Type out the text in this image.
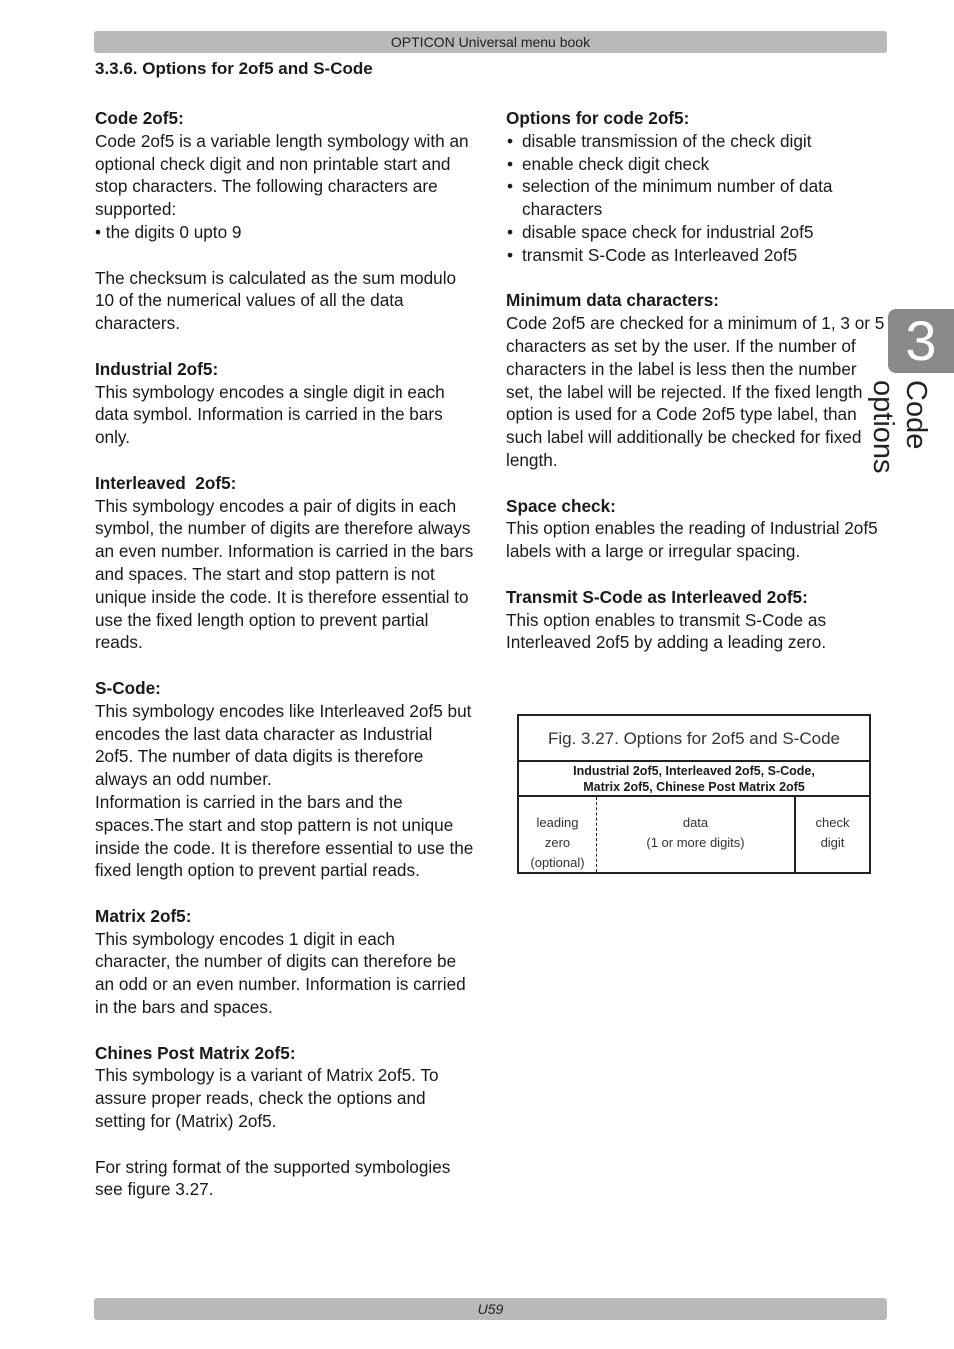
OPTICON Universal menu book
3.3.6. Options for 2of5 and S-Code
Code 2of5:

Code 2of5 is a variable length symbology with an optional check digit and non printable start and stop characters. The following characters are supported:
• the digits 0 upto 9

The checksum is calculated as the sum modulo 10 of the numerical values of all the data characters.

Industrial 2of5:

This symbology encodes a single digit in each data symbol. Information is carried in the bars only.

Interleaved  2of5:

This symbology encodes a pair of digits in each symbol, the number of digits are therefore always an even number. Information is carried in the bars and spaces. The start and stop pattern is not unique inside the code. It is therefore essential to use the fixed length option to prevent partial reads.

S-Code:

This symbology encodes like Interleaved 2of5 but encodes the last data character as Industrial 2of5. The number of data digits is therefore always an odd number.
Information is carried in the bars and the spaces.The start and stop pattern is not unique inside the code. It is therefore essential to use the fixed length option to prevent partial reads.

Matrix 2of5:

This symbology encodes 1 digit in each character, the number of digits can therefore be an odd or an even number. Information is carried in the bars and spaces.

Chines Post Matrix 2of5:

This symbology is a variant of Matrix 2of5. To assure proper reads, check the options and setting for (Matrix) 2of5.

For string format of the supported symbologies see figure 3.27.

Options for code 2of5:
• disable transmission of the check digit
• enable check digit check
• selection of the minimum number of data characters
• disable space check for industrial 2of5
• transmit S-Code as Interleaved 2of5
Minimum data characters:

Code 2of5 are checked for a minimum of 1, 3 or 5 characters as set by the user. If the number of characters in the label is less then the number set, the label will be rejected. If the fixed length option is used for a Code 2of5 type label, than such label will additionally be checked for fixed length.

Space check:

This option enables the reading of Industrial 2of5 labels with a large or irregular spacing.

Transmit S-Code as Interleaved 2of5:

This option enables to transmit S-Code as Interleaved 2of5 by adding a leading zero.

Fig. 3.27. Options for 2of5 and S-Code
Industrial 2of5, Interleaved 2of5, S-Code,
Matrix 2of5, Chinese Post Matrix 2of5
leading
zero
(optional)
data
(1 or more digits)
check
digit
3
Code options
U59
